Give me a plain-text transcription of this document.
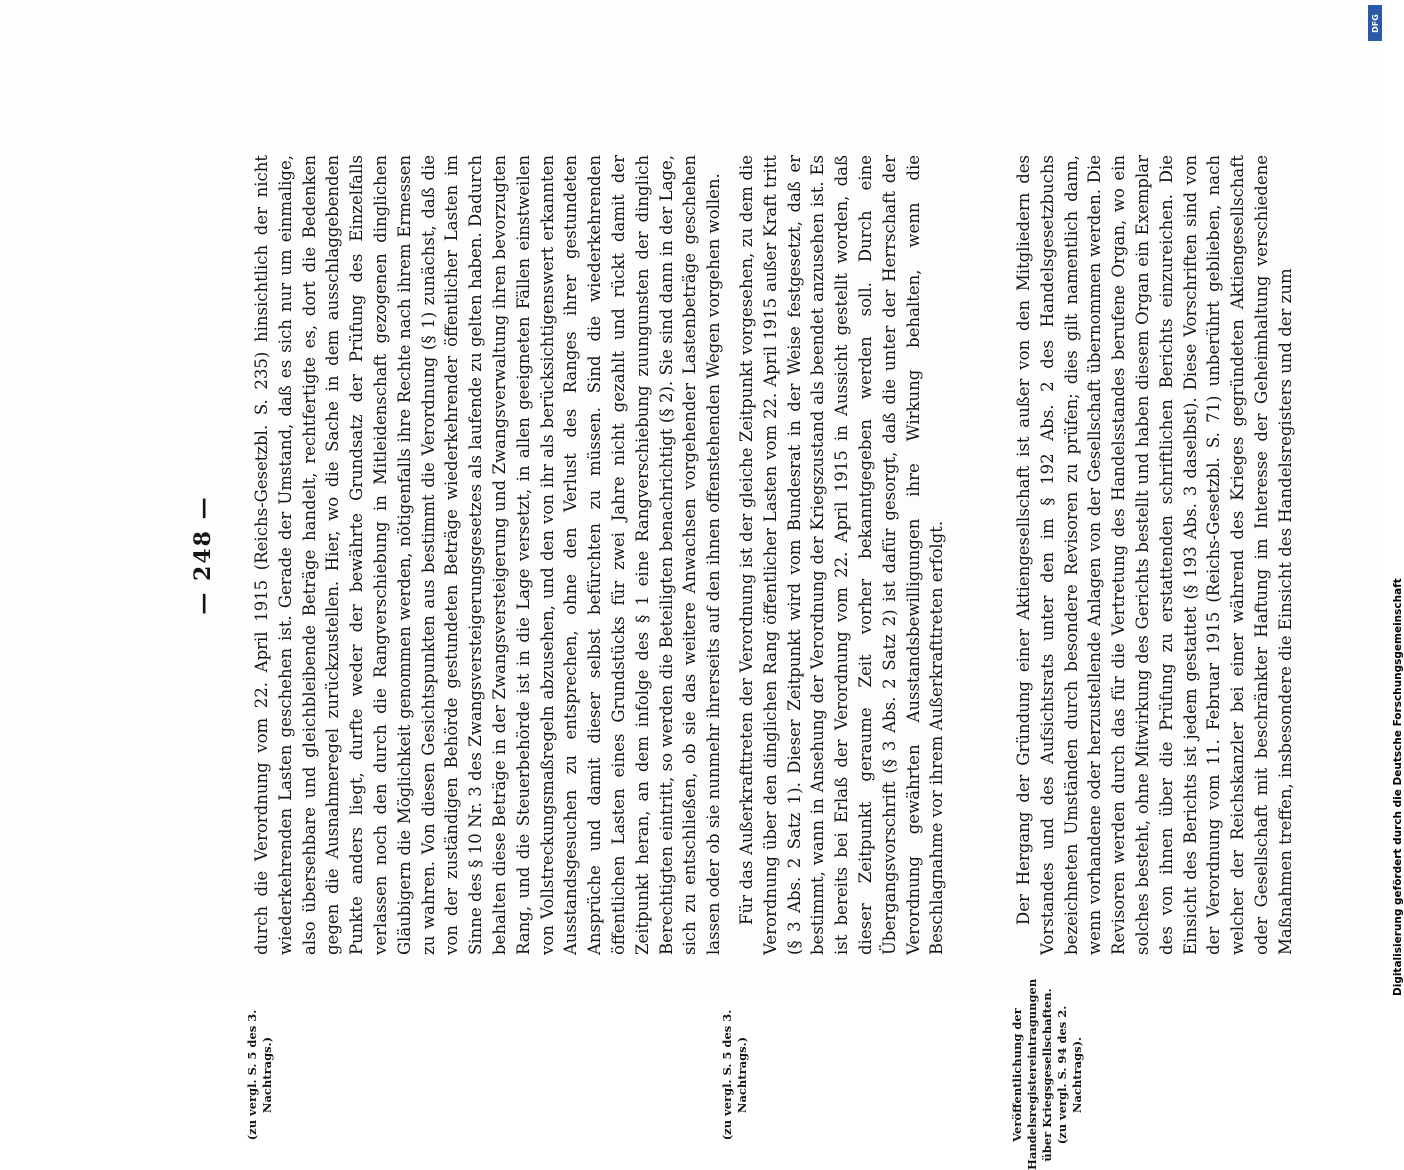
— 248 —
(zu vergl. S. 5 des 3. Nachtrags.)

durch die Verordnung vom 22. April 1915 (Reichs-Gesetzbl. S. 235) hinsichtlich der nicht wiederkehrenden Lasten geschehen ist. Gerade der Umstand, daß es sich nur um einmalige, also übersehbare und gleichbleibende Beträge handelt, rechtfertigte es, dort die Bedenken gegen die Ausnahmeregel zurückzustellen. Hier, wo die Sache in dem ausschlaggebenden Punkte anders liegt, durfte weder der bewährte Grundsatz der Prüfung des Einzelfalls verlassen noch den durch die Rangverschiebung in Mitleidenschaft gezogenen dinglichen Gläubigern die Möglichkeit genommen werden, nötigenfalls ihre Rechte nach ihrem Ermessen zu wahren. Von diesen Gesichtspunkten aus bestimmt die Verordnung (§ 1) zunächst, daß die von der zuständigen Behörde gestundeten Beträge wiederkehrender öffentlicher Lasten im Sinne des § 10 Nr. 3 des Zwangsversteigerungsgesetzes als laufende zu gelten haben. Dadurch behalten diese Beträge in der Zwangsversteigerung und Zwangsverwaltung ihren bevorzugten Rang, und die Steuerbehörde ist in die Lage versetzt, in allen geeigneten Fällen einstweilen von Vollstreckungsmaßregeln abzusehen, und den von ihr als berücksichtigenswert erkannten Ausstandsgesuchen zu entsprechen, ohne den Verlust des Ranges ihrer gestundeten Ansprüche und damit dieser selbst befürchten zu müssen. Sind die wiederkehrenden öffentlichen Lasten eines Grundstücks für zwei Jahre nicht gezahlt und rückt damit der Zeitpunkt heran, an dem infolge des § 1 eine Rangverschiebung zuungunsten der dinglich Berechtigten eintritt, so werden die Beteiligten benachrichtigt (§ 2). Sie sind dann in der Lage, sich zu entschließen, ob sie das weitere Anwachsen vorgehender Lastenbeträge geschehen lassen oder ob sie nunmehr ihrerseits auf den ihnen offenstehenden Wegen vorgehen wollen.

(zu vergl. S. 5 des 3. Nachtrags.)

Für das Außerkrafttreten der Verordnung ist der gleiche Zeitpunkt vorgesehen, zu dem die Verordnung über den dinglichen Rang öffentlicher Lasten vom 22. April 1915 außer Kraft tritt (§ 3 Abs. 2 Satz 1). Dieser Zeitpunkt wird vom Bundesrat in der Weise festgesetzt, daß er bestimmt, wann in Ansehung der Verordnung der Kriegszustand als beendet anzusehen ist. Es ist bereits bei Erlaß der Verordnung vom 22. April 1915 in Aussicht gestellt worden, daß dieser Zeitpunkt geraume Zeit vorher bekanntgegeben werden soll. Durch eine Übergangsvorschrift (§ 3 Abs. 2 Satz 2) ist dafür gesorgt, daß die unter der Herrschaft der Verordnung gewährten Ausstandsbewilligungen ihre Wirkung behalten, wenn die Beschlagnahme vor ihrem Außerkrafttreten erfolgt.

Veröffentlichung der Handelsregistereintragungen über Kriegsgesellschaften. (zu vergl. S. 94 des 2. Nachtrags).

Der Hergang der Gründung einer Aktiengesellschaft ist außer von den Mitgliedern des Vorstandes und des Aufsichtsrats unter den im § 192 Abs. 2 des Handelsgesetzbuchs bezeichneten Umständen durch besondere Revisoren zu prüfen; dies gilt namentlich dann, wenn vorhandene oder herzustellende Anlagen von der Gesellschaft übernommen werden. Die Revisoren werden durch das für die Vertretung des Handelsstandes berufene Organ, wo ein solches besteht, ohne Mitwirkung des Gerichts bestellt und haben diesem Organ ein Exemplar des von ihnen über die Prüfung zu erstattenden schriftlichen Berichts einzureichen. Die Einsicht des Berichts ist jedem gestattet (§ 193 Abs. 3 daselbst). Diese Vorschriften sind von der Verordnung vom 11. Februar 1915 (Reichs-Gesetzbl. S. 71) unberührt geblieben, nach welcher der Reichskanzler bei einer während des Krieges gegründeten Aktiengesellschaft oder Gesellschaft mit beschränkter Haftung im Interesse der Geheimhaltung verschiedene Maßnahmen treffen, insbesondere die Einsicht des Handelsregisters und der zum	Digitalisierung gefördert durch die Deutsche Forschungsgemeinschaft
DFG
